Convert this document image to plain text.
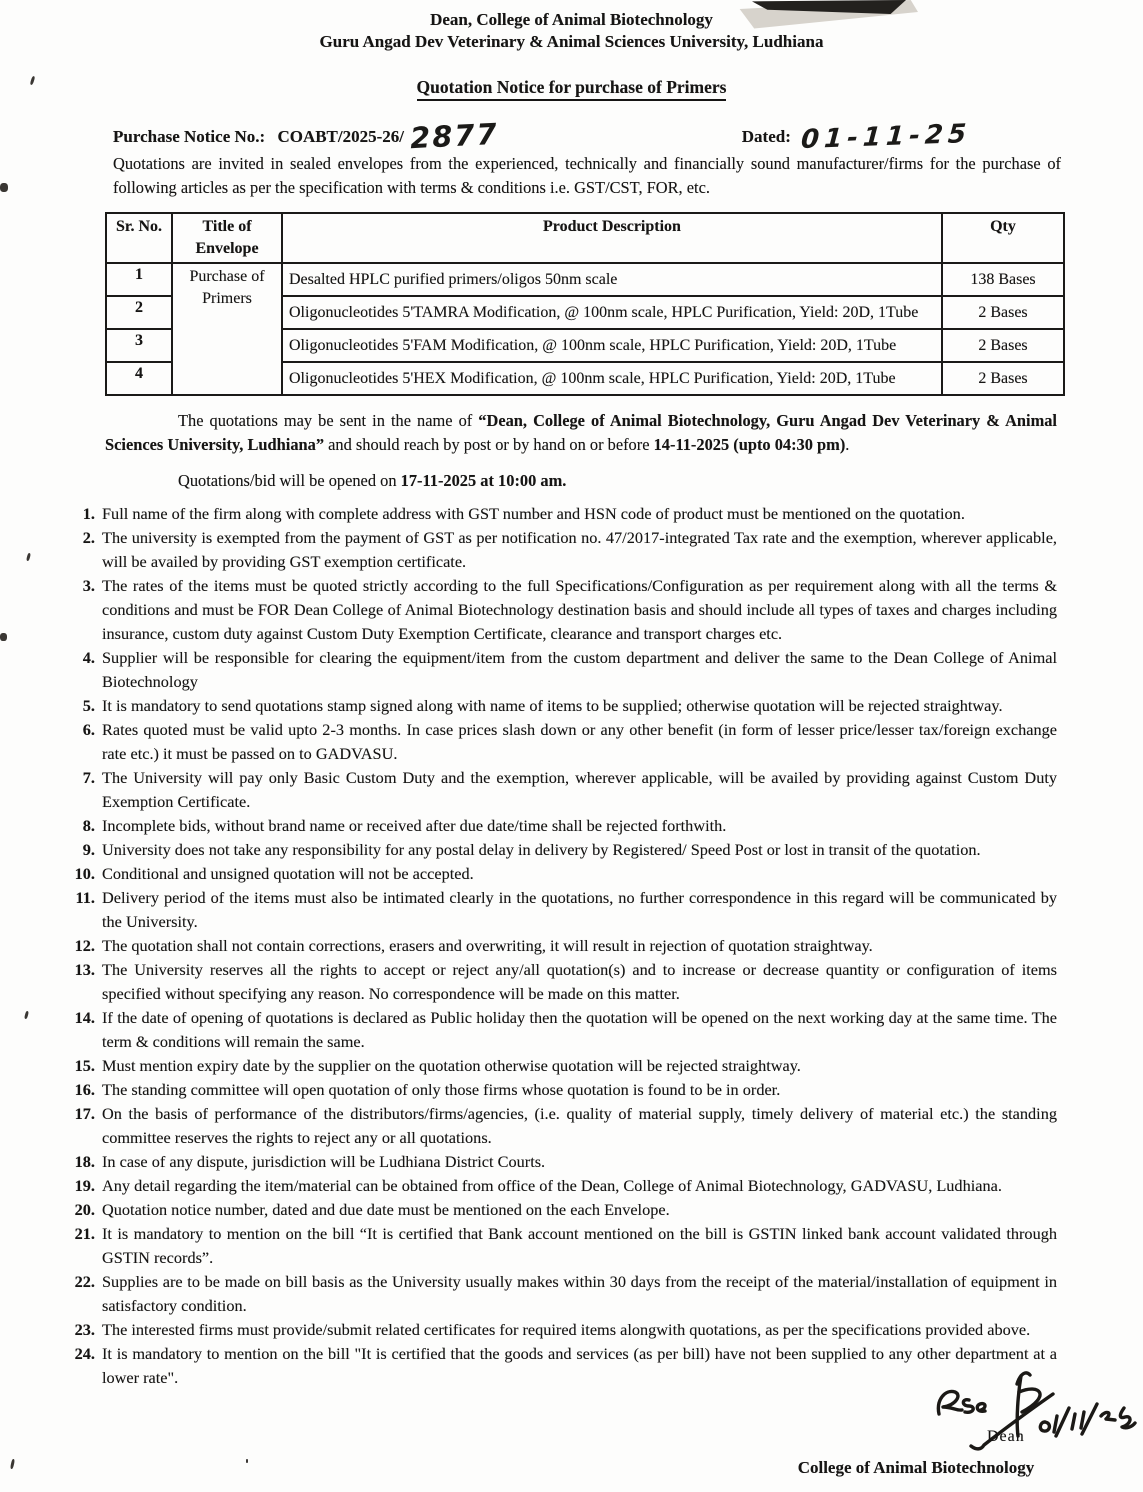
Dean, College of Animal Biotechnology
Guru Angad Dev Veterinary & Animal Sciences University, Ludhiana
Quotation Notice for purchase of Primers
Purchase Notice No.: COABT/2025-26/ 2877	Dated: 01-11-25
Quotations are invited in sealed envelopes from the experienced, technically and financially sound manufacturer/firms for the purchase of following articles as per the specification with terms & conditions i.e. GST/CST, FOR, etc.
Sr. No.	Title of Envelope	Product Description	Qty
1	Purchase of Primers	Desalted HPLC purified primers/oligos 50nm scale	138 Bases
2		Oligonucleotides 5'TAMRA Modification, @ 100nm scale, HPLC Purification, Yield: 20D, 1Tube	2 Bases
3		Oligonucleotides 5'FAM Modification, @ 100nm scale, HPLC Purification, Yield: 20D, 1Tube	2 Bases
4		Oligonucleotides 5'HEX Modification, @ 100nm scale, HPLC Purification, Yield: 20D, 1Tube	2 Bases
The quotations may be sent in the name of “Dean, College of Animal Biotechnology, Guru Angad Dev Veterinary & Animal Sciences University, Ludhiana” and should reach by post or by hand on or before 14-11-2025 (upto 04:30 pm).
Quotations/bid will be opened on 17-11-2025 at 10:00 am.
1. Full name of the firm along with complete address with GST number and HSN code of product must be mentioned on the quotation.
2. The university is exempted from the payment of GST as per notification no. 47/2017-integrated Tax rate and the exemption, wherever applicable, will be availed by providing GST exemption certificate.
3. The rates of the items must be quoted strictly according to the full Specifications/Configuration as per requirement along with all the terms & conditions and must be FOR Dean College of Animal Biotechnology destination basis and should include all types of taxes and charges including insurance, custom duty against Custom Duty Exemption Certificate, clearance and transport charges etc.
4. Supplier will be responsible for clearing the equipment/item from the custom department and deliver the same to the Dean College of Animal Biotechnology
5. It is mandatory to send quotations stamp signed along with name of items to be supplied; otherwise quotation will be rejected straightway.
6. Rates quoted must be valid upto 2-3 months. In case prices slash down or any other benefit (in form of lesser price/lesser tax/foreign exchange rate etc.) it must be passed on to GADVASU.
7. The University will pay only Basic Custom Duty and the exemption, wherever applicable, will be availed by providing against Custom Duty Exemption Certificate.
8. Incomplete bids, without brand name or received after due date/time shall be rejected forthwith.
9. University does not take any responsibility for any postal delay in delivery by Registered/ Speed Post or lost in transit of the quotation.
10. Conditional and unsigned quotation will not be accepted.
11. Delivery period of the items must also be intimated clearly in the quotations, no further correspondence in this regard will be communicated by the University.
12. The quotation shall not contain corrections, erasers and overwriting, it will result in rejection of quotation straightway.
13. The University reserves all the rights to accept or reject any/all quotation(s) and to increase or decrease quantity or configuration of items specified without specifying any reason. No correspondence will be made on this matter.
14. If the date of opening of quotations is declared as Public holiday then the quotation will be opened on the next working day at the same time. The term & conditions will remain the same.
15. Must mention expiry date by the supplier on the quotation otherwise quotation will be rejected straightway.
16. The standing committee will open quotation of only those firms whose quotation is found to be in order.
17. On the basis of performance of the distributors/firms/agencies, (i.e. quality of material supply, timely delivery of material etc.) the standing committee reserves the rights to reject any or all quotations.
18. In case of any dispute, jurisdiction will be Ludhiana District Courts.
19. Any detail regarding the item/material can be obtained from office of the Dean, College of Animal Biotechnology, GADVASU, Ludhiana.
20. Quotation notice number, dated and due date must be mentioned on the each Envelope.
21. It is mandatory to mention on the bill “It is certified that Bank account mentioned on the bill is GSTIN linked bank account validated through GSTIN records”.
22. Supplies are to be made on bill basis as the University usually makes within 30 days from the receipt of the material/installation of equipment in satisfactory condition.
23. The interested firms must provide/submit related certificates for required items alongwith quotations, as per the specifications provided above.
24. It is mandatory to mention on the bill "It is certified that the goods and services (as per bill) have not been supplied to any other department at a lower rate".
Dean
College of Animal Biotechnology
